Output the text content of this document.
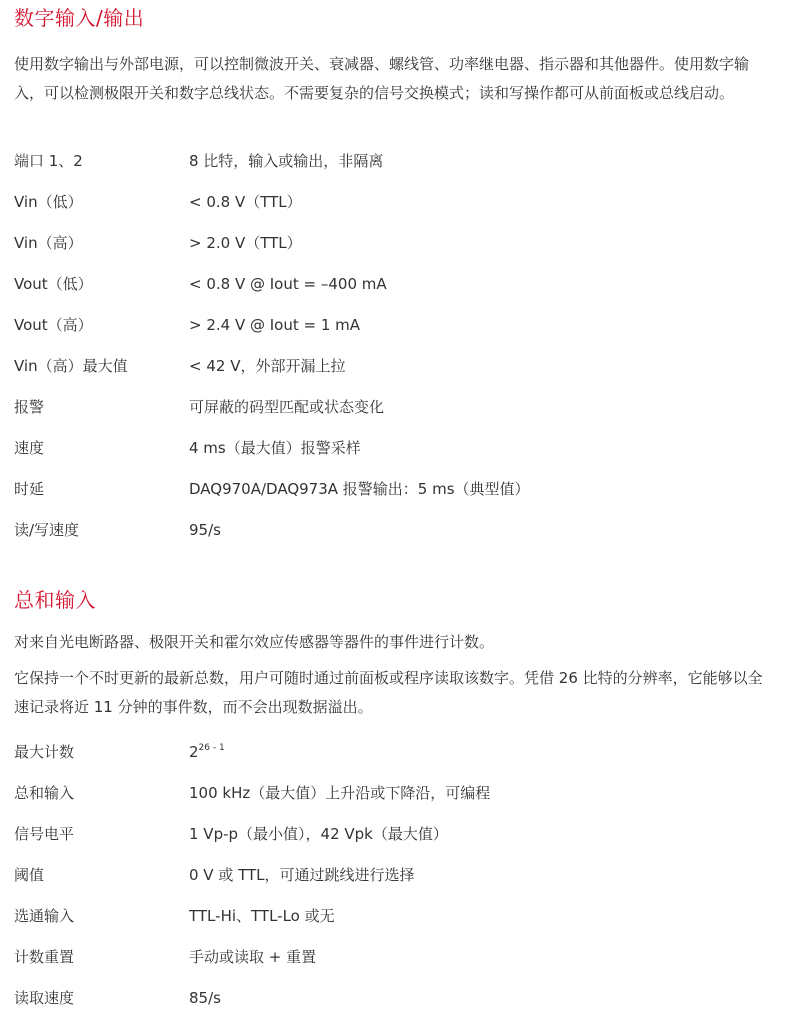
数字输入/输出

使用数字输出与外部电源，可以控制微波开关、衰减器、螺线管、功率继电器、指示器和其他器件。使用数字输入，可以检测极限开关和数字总线状态。不需要复杂的信号交换模式；读和写操作都可从前面板或总线启动。

端口 1、2	8 比特，输入或输出，非隔离
Vin（低）	< 0.8 V（TTL）
Vin（高）	> 2.0 V（TTL）
Vout（低）	< 0.8 V @ Iout = –400 mA
Vout（高）	> 2.4 V @ Iout = 1 mA
Vin（高）最大值	< 42 V，外部开漏上拉
报警	可屏蔽的码型匹配或状态变化
速度	4 ms（最大值）报警采样
时延	DAQ970A/DAQ973A 报警输出：5 ms（典型值）
读/写速度	95/s
总和输入

对来自光电断路器、极限开关和霍尔效应传感器等器件的事件进行计数。

它保持一个不时更新的最新总数，用户可随时通过前面板或程序读取该数字。凭借 26 比特的分辨率，它能够以全速记录将近 11 分钟的事件数，而不会出现数据溢出。

最大计数	2$^{26 - 1}$
总和输入	100 kHz（最大值）上升沿或下降沿，可编程
信号电平	1 Vp-p（最小值），42 Vpk（最大值）
阈值	0 V 或 TTL，可通过跳线进行选择
选通输入	TTL-Hi、TTL-Lo 或无
计数重置	手动或读取 + 重置
读取速度	85/s
